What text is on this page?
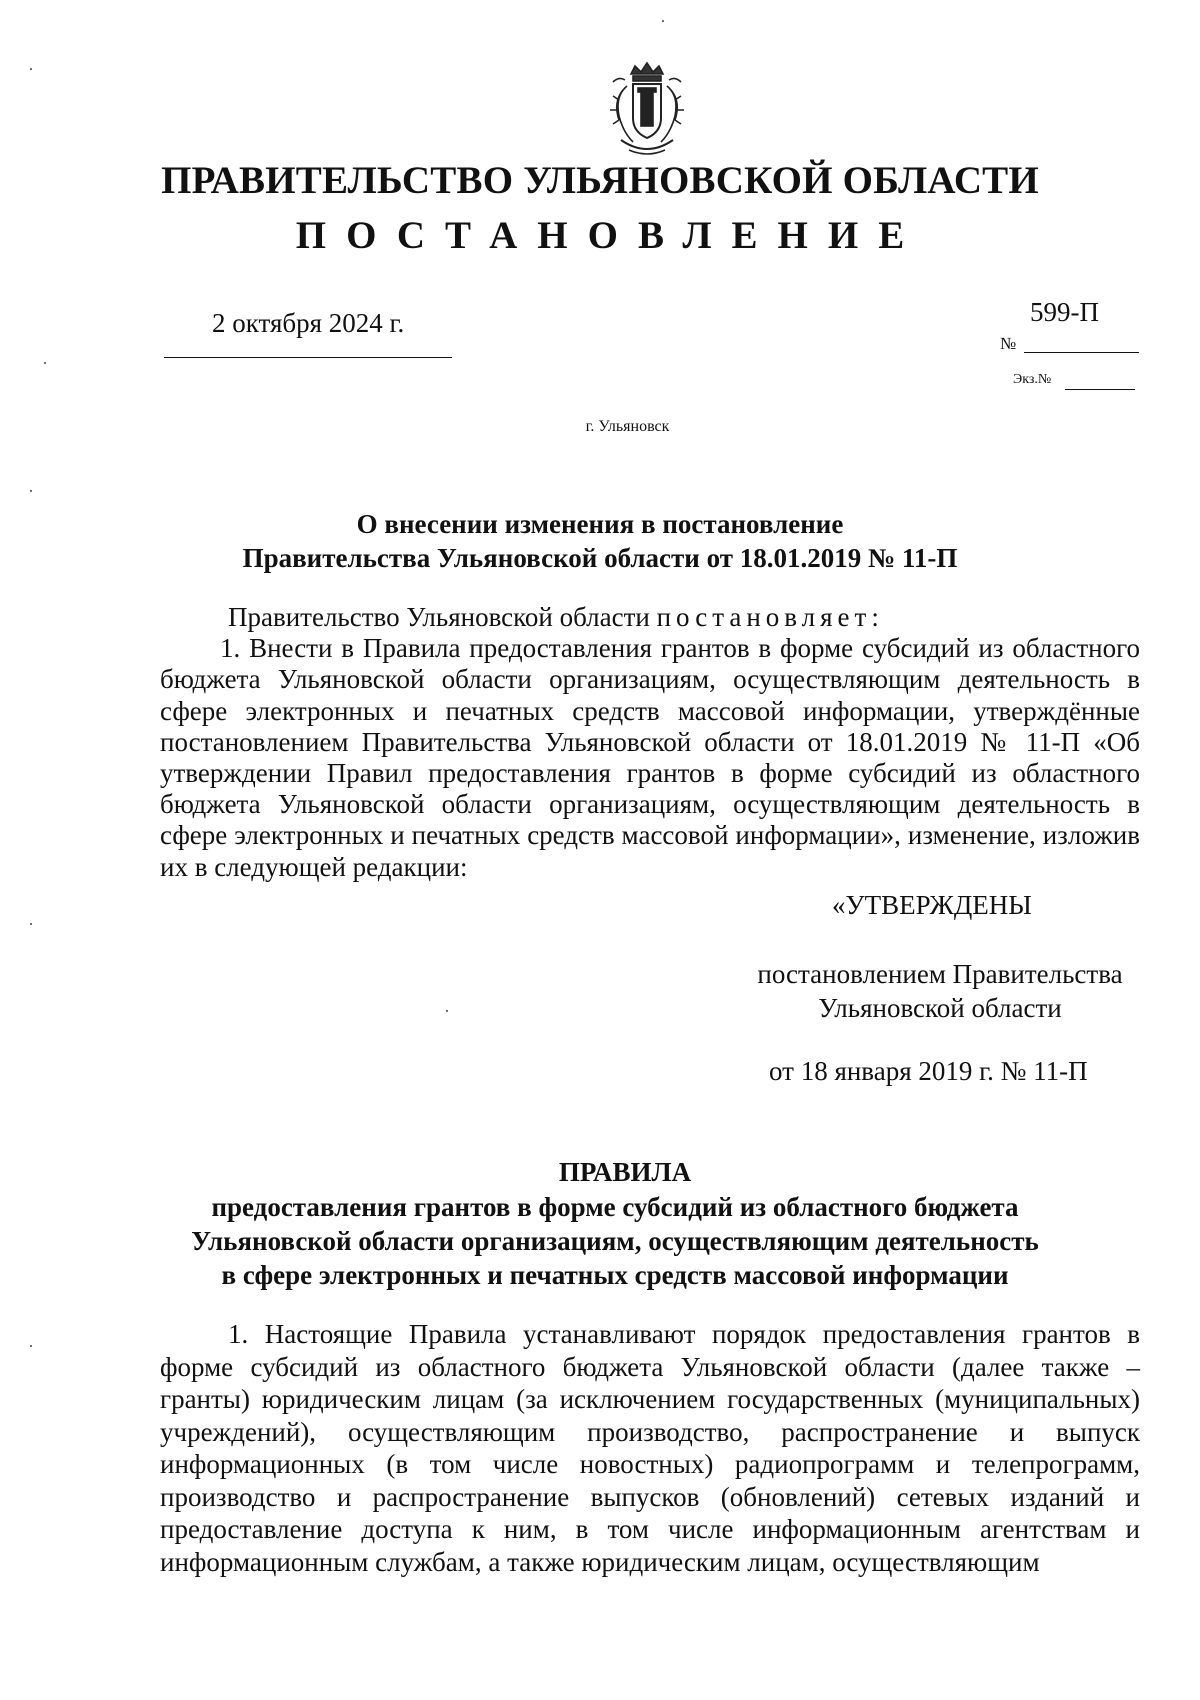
ПРАВИТЕЛЬСТВО УЛЬЯНОВСКОЙ ОБЛАСТИ
ПОСТАНОВЛЕНИЕ
2 октября 2024 г.	599-П
№
Экз.№
г. Ульяновск
О внесении изменения в постановление
Правительства Ульяновской области от 18.01.2019 № 11-П

Правительство Ульяновской области постановляет:

1. Внести в Правила предоставления грантов в форме субсидий из областного бюджета Ульяновской области организациям, осуществляющим деятельность в сфере электронных и печатных средств массовой информации, утверждённые постановлением Правительства Ульяновской области от 18.01.2019 № 11-П «Об утверждении Правил предоставления грантов в форме субсидий из областного бюджета Ульяновской области организациям, осуществляющим деятельность в сфере электронных и печатных средств массовой информации», изменение, изложив их в следующей редакции:

«УТВЕРЖДЕНЫ
постановлением Правительства
Ульяновской области
от 18 января 2019 г. № 11-П
ПРАВИЛА
предоставления грантов в форме субсидий из областного бюджета
Ульяновской области организациям, осуществляющим деятельность
в сфере электронных и печатных средств массовой информации

1. Настоящие Правила устанавливают порядок предоставления грантов в форме субсидий из областного бюджета Ульяновской области (далее также – гранты) юридическим лицам (за исключением государственных (муниципальных) учреждений), осуществляющим производство, распространение и выпуск информационных (в том числе новостных) радиопрограмм и телепрограмм, производство и распространение выпусков (обновлений) сетевых изданий и предоставление доступа к ним, в том числе информационным агентствам и информационным службам, а также юридическим лицам, осуществляющим
